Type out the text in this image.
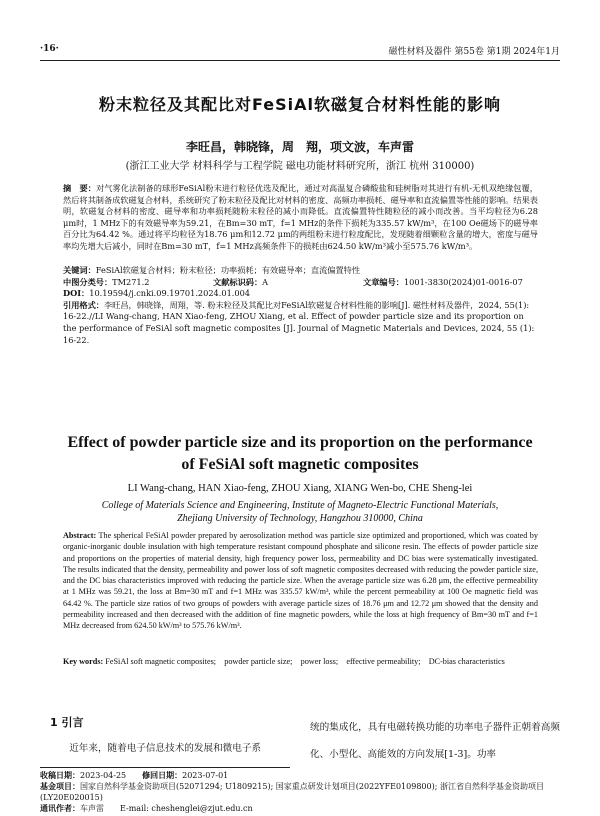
·16·	磁性材料及器件 第55卷 第1期 2024年1月
粉末粒径及其配比对FeSiAl软磁复合材料性能的影响
李旺昌，韩晓锋，周　翔，项文波，车声雷
(浙江工业大学 材料科学与工程学院 磁电功能材料研究所，浙江 杭州 310000)
摘　要：对气雾化法制备的球形FeSiAl粉末进行粒径优选及配比，通过对高温复合磷酸盐和硅树脂对其进行有机-无机双绝缘包覆，然后将其制备成软磁复合材料，系统研究了粉末粒径及配比对材料的密度、高频功率损耗、磁导率和直流偏置等性能的影响。结果表明，软磁复合材料的密度、磁导率和功率损耗随粉末粒径的减小而降低。直流偏置特性随粒径的减小而改善。当平均粒径为6.28 μm时，1 MHz下的有效磁导率为59.21，在Bm=30 mT，f=1 MHz的条件下损耗为335.57 kW/m³，在100 Oe磁场下的磁导率百分比为64.42 %。通过将平均粒径为18.76 μm和12.72 μm的两组粉末进行粒度配比，发现随着细颗粒含量的增大，密度与磁导率均先增大后减小，同时在Bm=30 mT，f=1 MHz高频条件下的损耗由624.50 kW/m³减小至575.76 kW/m³。
关键词：FeSiAl软磁复合材料；粉末粒径；功率损耗；有效磁导率；直流偏置特性
中图分类号：TM271.2	文献标识码：A	文章编号：1001-3830(2024)01-0016-07
DOI：10.19594/j.cnki.09.19701.2024.01.004
引用格式：李旺昌，韩晓锋，周翔，等. 粉末粒径及其配比对FeSiAl软磁复合材料性能的影响[J]. 磁性材料及器件，2024, 55(1): 16-22.//LI Wang-chang, HAN Xiao-feng, ZHOU Xiang, et al. Effect of powder particle size and its proportion on the performance of FeSiAl soft magnetic composites [J]. Journal of Magnetic Materials and Devices, 2024, 55 (1): 16-22.
Effect of powder particle size and its proportion on the performance
of FeSiAl soft magnetic composites
LI Wang-chang, HAN Xiao-feng, ZHOU Xiang, XIANG Wen-bo, CHE Sheng-lei
College of Materials Science and Engineering, Institute of Magneto-Electric Functional Materials,
Zhejiang University of Technology, Hangzhou 310000, China
Abstract: The spherical FeSiAl powder prepared by aerosolization method was particle size optimized and proportioned, which was coated by organic-inorganic double insulation with high temperature resistant compound phosphate and silicone resin. The effects of powder particle size and proportions on the properties of material density, high frequency power loss, permeability and DC bias were systematically investigated. The results indicated that the density, permeability and power loss of soft magnetic composites decreased with reducing the powder particle size, and the DC bias characteristics improved with reducing the particle size. When the average particle size was 6.28 μm, the effective permeability at 1 MHz was 59.21, the loss at Bm=30 mT and f=1 MHz was 335.57 kW/m³, while the percent permeability at 100 Oe magnetic field was 64.42 %. The particle size ratios of two groups of powders with average particle sizes of 18.76 μm and 12.72 μm showed that the density and permeability increased and then decreased with the addition of fine magnetic powders, while the loss at high frequency of Bm=30 mT and f=1 MHz decreased from 624.50 kW/m³ to 575.76 kW/m³.
Key words: FeSiAl soft magnetic composites;　powder particle size;　power loss;　effective permeability;　DC-bias characteristics
1 引言
近年来，随着电子信息技术的发展和微电子系
统的集成化，具有电磁转换功能的功率电子器件正朝着高频化、小型化、高能效的方向发展[1-3]。功率
收稿日期：2023-04-25　　 修回日期：2023-07-01
基金项目：国家自然科学基金资助项目(52071294; U1809215); 国家重点研发计划项目(2022YFE0109800); 浙江省自然科学基金资助项目(LY20E020015)
通讯作者：车声雷　　E-mail: cheshenglei@zjut.edu.cn
